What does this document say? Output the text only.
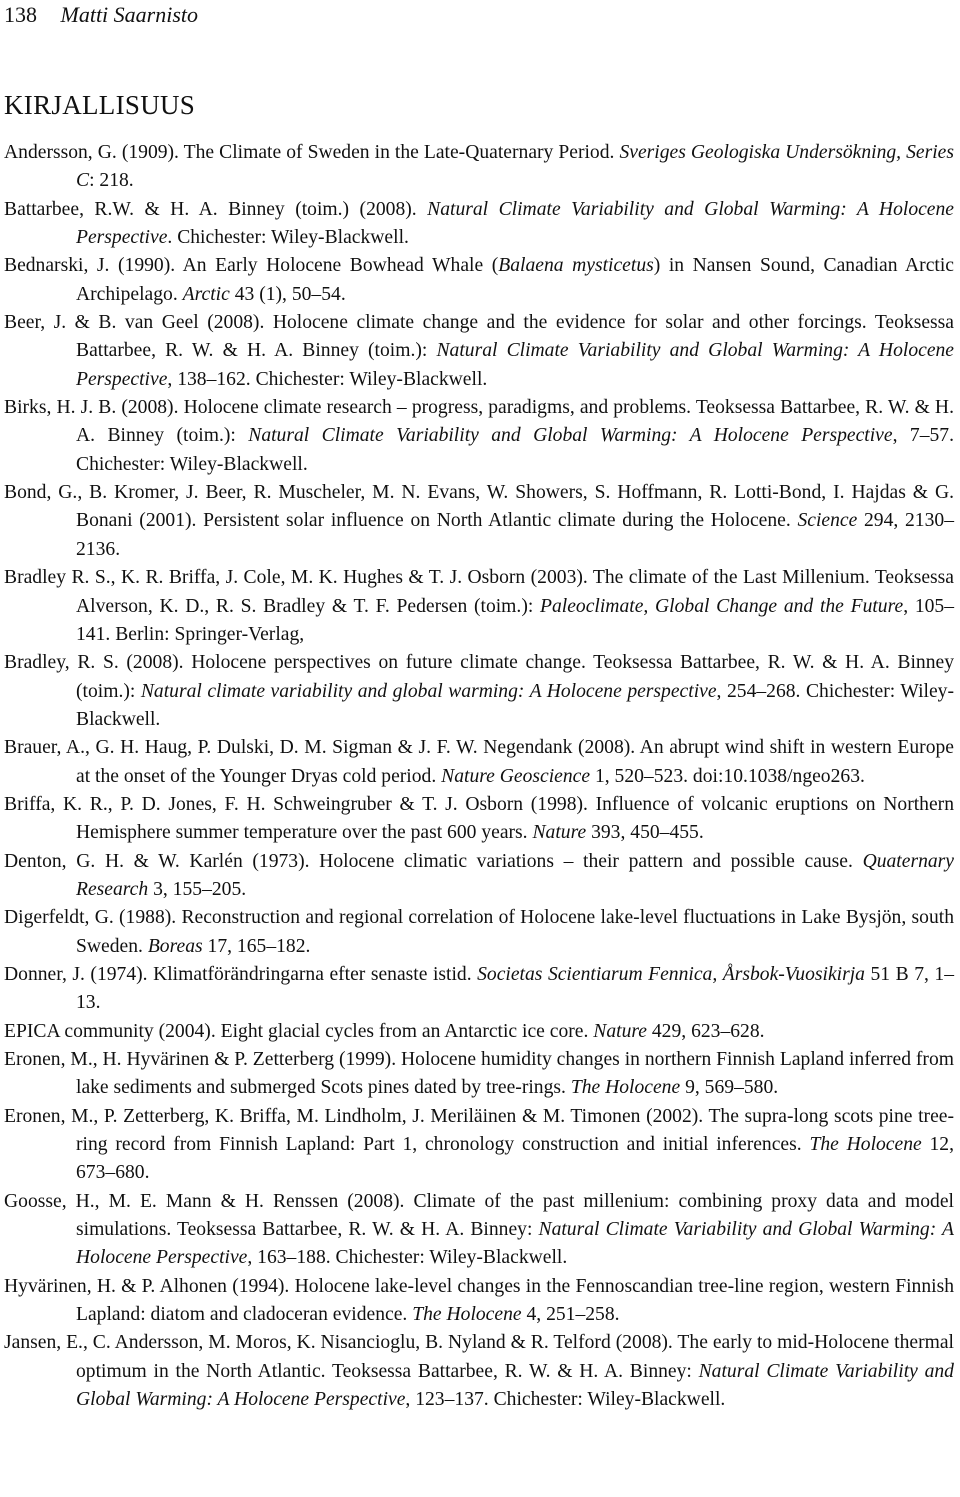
138 Matti Saarnisto
KIRJALLISUUS
Andersson, G. (1909). The Climate of Sweden in the Late-Quaternary Period. Sveriges Geologiska Undersökning, Series C: 218.
Battarbee, R.W. & H. A. Binney (toim.) (2008). Natural Climate Variability and Global Warming: A Holocene Perspective. Chichester: Wiley-Blackwell.
Bednarski, J. (1990). An Early Holocene Bowhead Whale (Balaena mysticetus) in Nansen Sound, Canadian Arctic Archipelago. Arctic 43 (1), 50–54.
Beer, J. & B. van Geel (2008). Holocene climate change and the evidence for solar and other forcings. Teoksessa Battarbee, R. W. & H. A. Binney (toim.): Natural Climate Variability and Global Warming: A Holocene Perspective, 138–162. Chichester: Wiley-Blackwell.
Birks, H. J. B. (2008). Holocene climate research – progress, paradigms, and problems. Teoksessa Battarbee, R. W. & H. A. Binney (toim.): Natural Climate Variability and Global Warming: A Holocene Perspective, 7–57. Chichester: Wiley-Blackwell.
Bond, G., B. Kromer, J. Beer, R. Muscheler, M. N. Evans, W. Showers, S. Hoffmann, R. Lotti-Bond, I. Hajdas & G. Bonani (2001). Persistent solar influence on North Atlantic climate during the Holocene. Science 294, 2130–2136.
Bradley R. S., K. R. Briffa, J. Cole, M. K. Hughes & T. J. Osborn (2003). The climate of the Last Millenium. Teoksessa Alverson, K. D., R. S. Bradley & T. F. Pedersen (toim.): Paleoclimate, Global Change and the Future, 105–141. Berlin: Springer-Verlag,
Bradley, R. S. (2008). Holocene perspectives on future climate change. Teoksessa Battarbee, R. W. & H. A. Binney (toim.): Natural climate variability and global warming: A Holocene perspective, 254–268. Chichester: Wiley-Blackwell.
Brauer, A., G. H. Haug, P. Dulski, D. M. Sigman & J. F. W. Negendank (2008). An abrupt wind shift in western Europe at the onset of the Younger Dryas cold period. Nature Geoscience 1, 520–523. doi:10.1038/ngeo263.
Briffa, K. R., P. D. Jones, F. H. Schweingruber & T. J. Osborn (1998). Influence of volcanic eruptions on Northern Hemisphere summer temperature over the past 600 years. Nature 393, 450–455.
Denton, G. H. & W. Karlén (1973). Holocene climatic variations – their pattern and possible cause. Quaternary Research 3, 155–205.
Digerfeldt, G. (1988). Reconstruction and regional correlation of Holocene lake-level fluctuations in Lake Bysjön, south Sweden. Boreas 17, 165–182.
Donner, J. (1974). Klimatförändringarna efter senaste istid. Societas Scientiarum Fennica, Årsbok-Vuosikirja 51 B 7, 1–13.
EPICA community (2004). Eight glacial cycles from an Antarctic ice core. Nature 429, 623–628.
Eronen, M., H. Hyvärinen & P. Zetterberg (1999). Holocene humidity changes in northern Finnish Lapland inferred from lake sediments and submerged Scots pines dated by tree-rings. The Holocene 9, 569–580.
Eronen, M., P. Zetterberg, K. Briffa, M. Lindholm, J. Meriläinen & M. Timonen (2002). The supra-long scots pine tree-ring record from Finnish Lapland: Part 1, chronology construction and initial inferences. The Holocene 12, 673–680.
Goosse, H., M. E. Mann & H. Renssen (2008). Climate of the past millenium: combining proxy data and model simulations. Teoksessa Battarbee, R. W. & H. A. Binney: Natural Climate Variability and Global Warming: A Holocene Perspective, 163–188. Chichester: Wiley-Blackwell.
Hyvärinen, H. & P. Alhonen (1994). Holocene lake-level changes in the Fennoscandian tree-line region, western Finnish Lapland: diatom and cladoceran evidence. The Holocene 4, 251–258.
Jansen, E., C. Andersson, M. Moros, K. Nisancioglu, B. Nyland & R. Telford (2008). The early to mid-Holocene thermal optimum in the North Atlantic. Teoksessa Battarbee, R. W. & H. A. Binney: Natural Climate Variability and Global Warming: A Holocene Perspective, 123–137. Chichester: Wiley-Blackwell.
